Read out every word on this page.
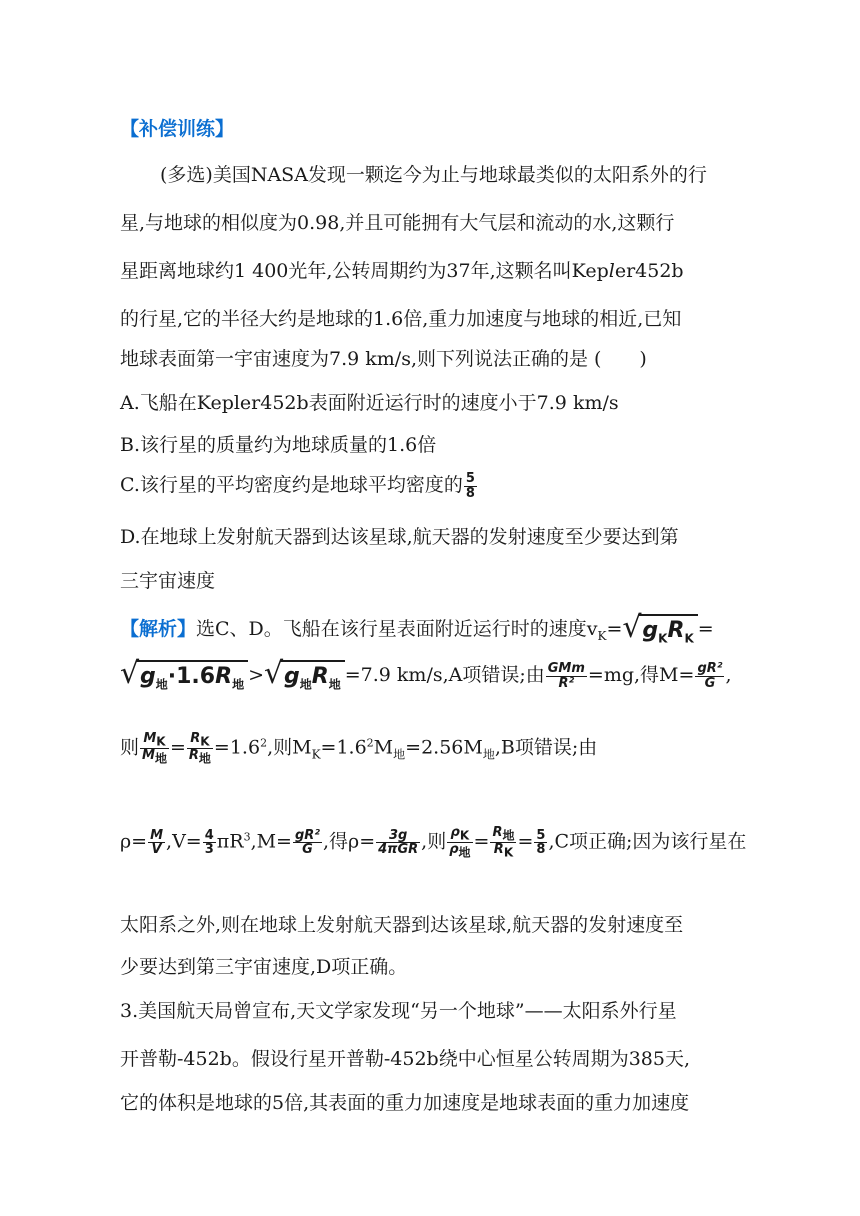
【补偿训练】
(多选)美国NASA发现一颗迄今为止与地球最类似的太阳系外的行
星,与地球的相似度为0.98,并且可能拥有大气层和流动的水,这颗行
星距离地球约1 400光年,公转周期约为37年,这颗名叫Kepler452b
的行星,它的半径大约是地球的1.6倍,重力加速度与地球的相近,已知
地球表面第一宇宙速度为7.9 km/s,则下列说法正确的是 (　　)
A.飞船在Kepler452b表面附近运行时的速度小于7.9 km/s
B.该行星的质量约为地球质量的1.6倍
C.该行星的平均密度约是地球平均密度的 $\frac{5}{8}$
D.在地球上发射航天器到达该星球,航天器的发射速度至少要达到第
三宇宙速度
【解析】选C、D。飞船在该行星表面附近运行时的速度$v_K=$ √ $g_KR_K$ =
√ $g_地\cdot 1.6R_地$ > √ $g_地R_地 =7.9$ km/s,A项错误;由 $\frac{\text{GMm}}{\text{R²}} =mg$,得$M= \frac{\text{gR²}}{G}$ ,
则 $\frac{MK}{\text{M地}} = \frac{RK}{\text{R地}} =1.6^2$,则$M_K=1.6^2M_地=2.56M_地,B$项错误;由
$\rho= \frac{M}{V} ,V= \frac{4}{3} \pi R^3,M= \frac{\text{gR²}}{G}$ ,得$\rho= \frac{3g}{\text{4πGR}}$ ,则 $\frac{\rho K}{\text{ρ地}} = \frac{\text{R地}}{RK} = \frac{5}{8} ,C$项正确;因为该行星在
太阳系之外,则在地球上发射航天器到达该星球,航天器的发射速度至
少要达到第三宇宙速度,D项正确。
3.美国航天局曾宣布,天文学家发现“另一个地球”——太阳系外行星
开普勒-452b。假设行星开普勒-452b绕中心恒星公转周期为385天,
它的体积是地球的5倍,其表面的重力加速度是地球表面的重力加速度
